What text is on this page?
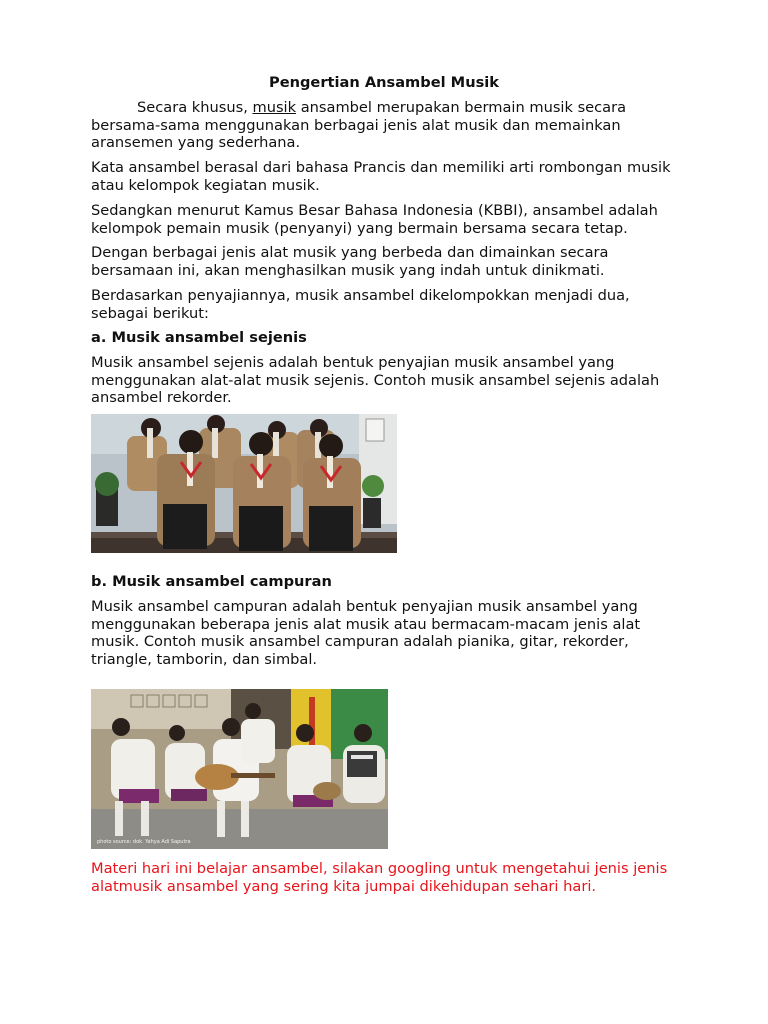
Pengertian Ansambel Musik

Secara khusus, musik ansambel merupakan bermain musik secara bersama-sama menggunakan berbagai jenis alat musik dan memainkan aransemen yang sederhana.

Kata ansambel berasal dari bahasa Prancis dan memiliki arti rombongan musik atau kelompok kegiatan musik.

Sedangkan menurut Kamus Besar Bahasa Indonesia (KBBI), ansambel adalah kelompok pemain musik (penyanyi) yang bermain bersama secara tetap.

Dengan berbagai jenis alat musik yang berbeda dan dimainkan secara bersamaan ini, akan menghasilkan musik yang indah untuk dinikmati.

Berdasarkan penyajiannya, musik ansambel dikelompokkan menjadi dua, sebagai berikut:

a. Musik ansambel sejenis

Musik ansambel sejenis adalah bentuk penyajian musik ansambel yang menggunakan alat-alat musik sejenis. Contoh musik ansambel sejenis adalah ansambel rekorder.

b. Musik ansambel campuran

Musik ansambel campuran adalah bentuk penyajian musik ansambel yang menggunakan beberapa jenis alat musik atau bermacam-macam jenis alat musik. Contoh musik ansambel campuran adalah pianika, gitar, rekorder, triangle, tamborin, dan simbal.

photo source: dok. Yahya Adi Saputra

Materi hari ini belajar ansambel, silakan googling untuk mengetahui jenis jenis alatmusik ansambel yang sering kita jumpai dikehidupan sehari hari.
